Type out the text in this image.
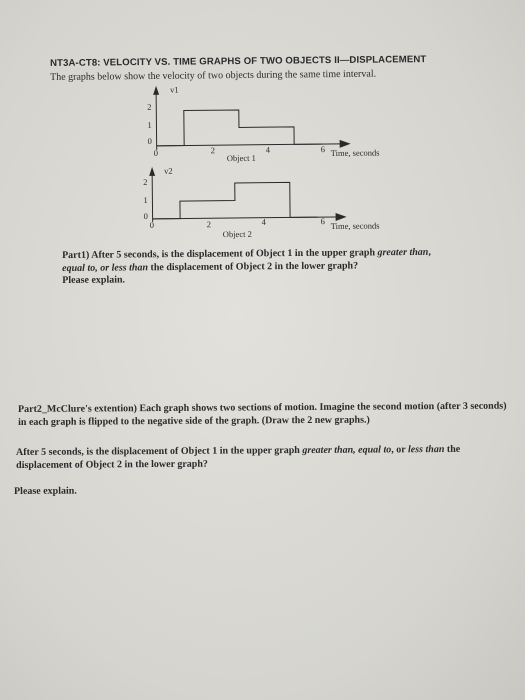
NT3A-CT8: VELOCITY VS. TIME GRAPHS OF TWO OBJECTS II—DISPLACEMENT
The graphs below show the velocity of two objects during the same time interval.
v1
2
1
0
0	2	4	6 Time, seconds
Object 1
v2
2
1
0
0	2	4	6 Time, seconds
Object 2
Part1) After 5 seconds, is the displacement of Object 1 in the upper graph greater than,
equal to, or less than the displacement of Object 2 in the lower graph?
Please explain.
Part2_McClure's extention) Each graph shows two sections of motion. Imagine the second motion (after 3 seconds) in each graph is flipped to the negative side of the graph. (Draw the 2 new graphs.)
After 5 seconds, is the displacement of Object 1 in the upper graph greater than, equal to, or less than the displacement of Object 2 in the lower graph?
Please explain.
